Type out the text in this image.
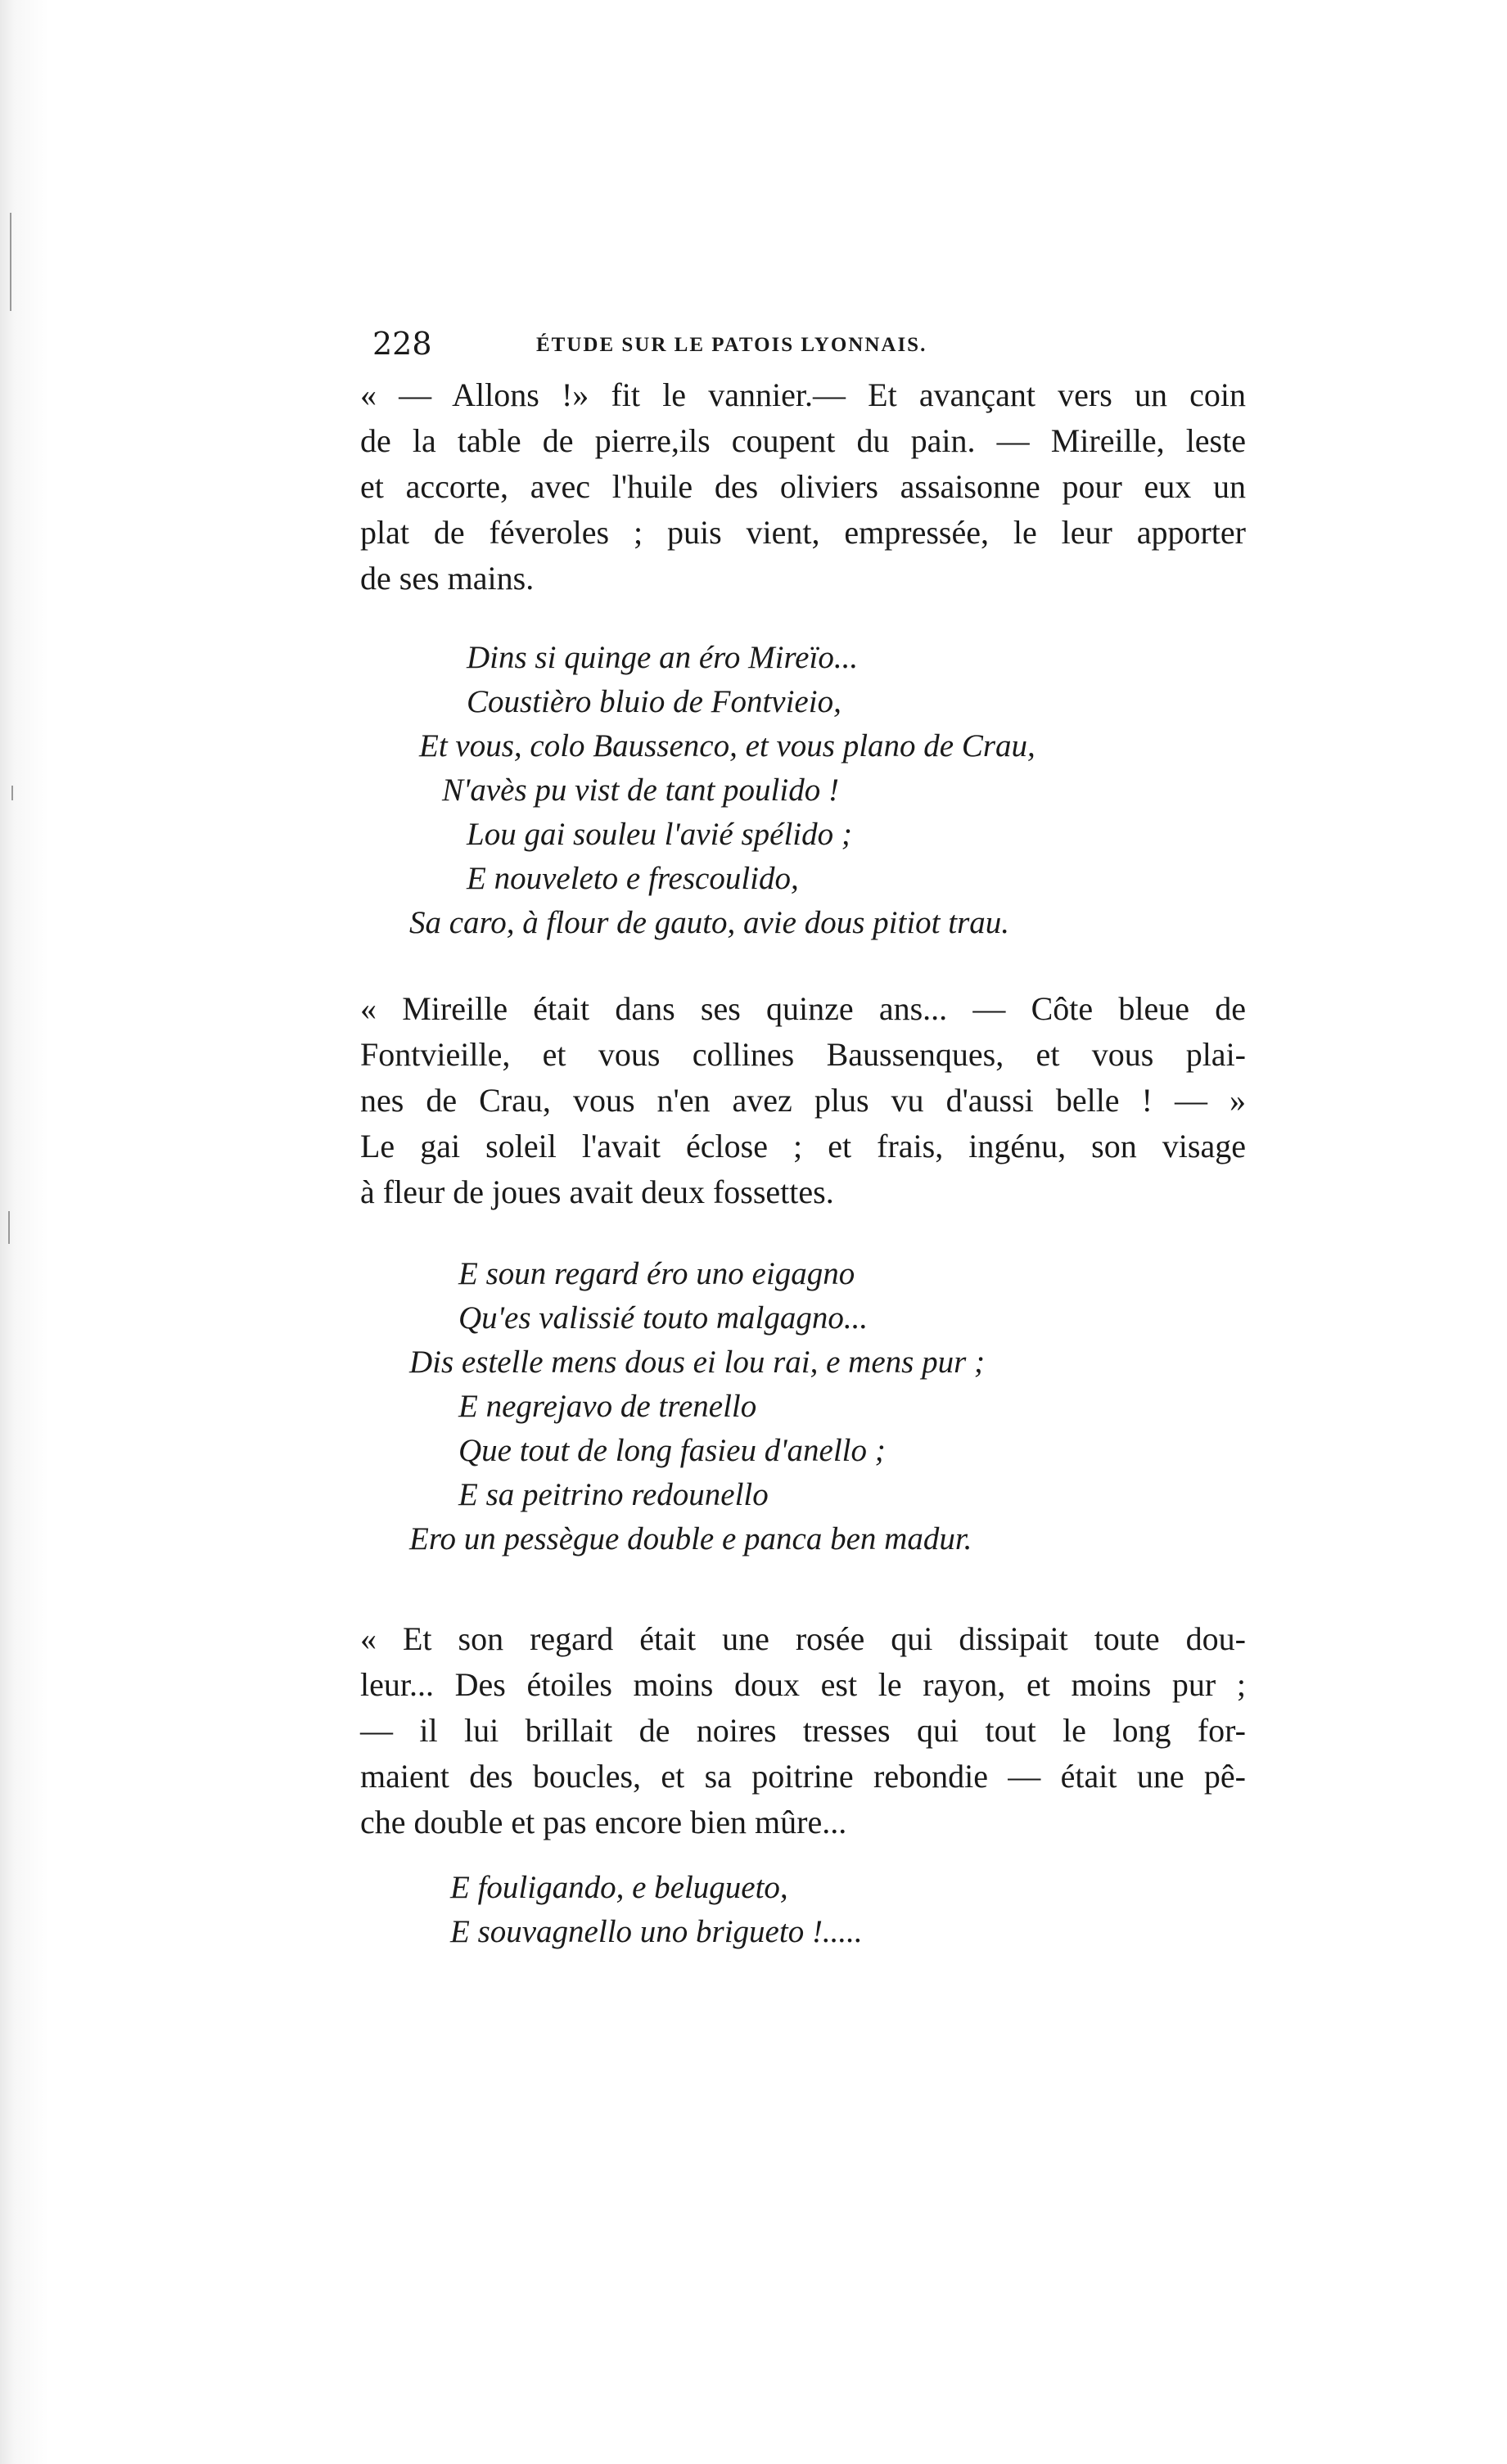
228	ÉTUDE SUR LE PATOIS LYONNAIS.
« — Allons !» fit le vannier.— Et avançant vers un coin
de la table de pierre,ils coupent du pain. — Mireille, leste
et accorte, avec l'huile des oliviers assaisonne pour eux un
plat de féveroles ; puis vient, empressée, le leur apporter
de ses mains.
Dins si quinge an éro Mireïo...
Coustièro bluio de Fontvieio,
Et vous, colo Baussenco, et vous plano de Crau,
N'avès pu vist de tant poulido !
Lou gai souleu l'avié spélido ;
E nouveleto e frescoulido,
Sa caro, à flour de gauto, avie dous pitiot trau.
« Mireille était dans ses quinze ans... — Côte bleue de
Fontvieille, et vous collines Baussenques, et vous plai-
nes de Crau, vous n'en avez plus vu d'aussi belle ! — »
Le gai soleil l'avait éclose ; et frais, ingénu, son visage
à fleur de joues avait deux fossettes.
E soun regard éro uno eigagno
Qu'es valissié touto malgagno...
Dis estelle mens dous ei lou rai, e mens pur ;
E negrejavo de trenello
Que tout de long fasieu d'anello ;
E sa peitrino redounello
Ero un pessègue double e panca ben madur.
« Et son regard était une rosée qui dissipait toute dou-
leur... Des étoiles moins doux est le rayon, et moins pur ;
— il lui brillait de noires tresses qui tout le long for-
maient des boucles, et sa poitrine rebondie — était une pê-
che double et pas encore bien mûre...
E fouligando, e belugueto,
E souvagnello uno brigueto !.....
